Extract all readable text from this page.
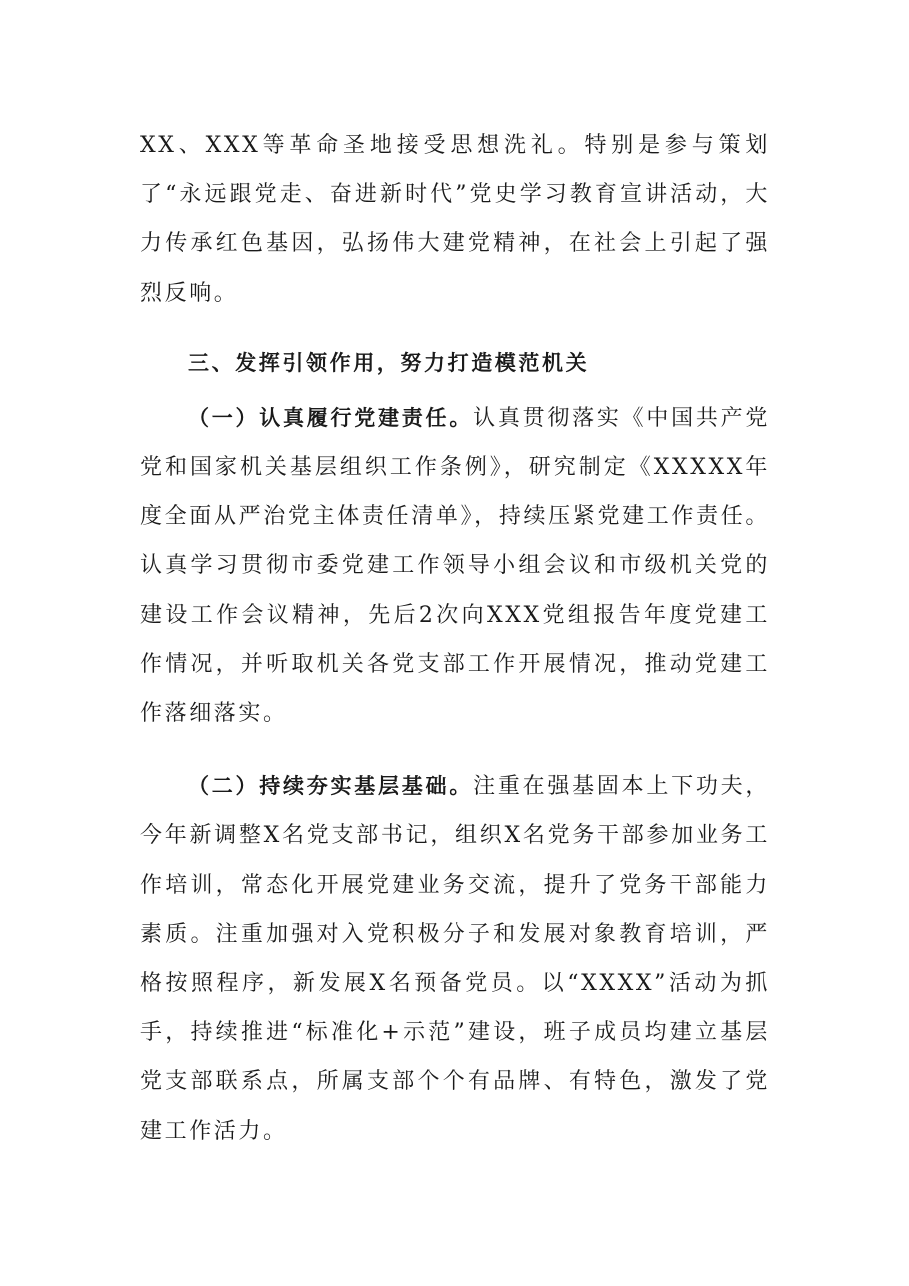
XX、XXX等革命圣地接受思想洗礼。特别是参与策划了“永远跟党走、奋进新时代”党史学习教育宣讲活动，大力传承红色基因，弘扬伟大建党精神，在社会上引起了强烈反响。

三、发挥引领作用，努力打造模范机关

（一）认真履行党建责任。认真贯彻落实《中国共产党党和国家机关基层组织工作条例》，研究制定《XXXXX年度全面从严治党主体责任清单》，持续压紧党建工作责任。认真学习贯彻市委党建工作领导小组会议和市级机关党的建设工作会议精神，先后2次向XXX党组报告年度党建工作情况，并听取机关各党支部工作开展情况，推动党建工作落细落实。

（二）持续夯实基层基础。注重在强基固本上下功夫，今年新调整X名党支部书记，组织X名党务干部参加业务工作培训，常态化开展党建业务交流，提升了党务干部能力素质。注重加强对入党积极分子和发展对象教育培训，严格按照程序，新发展X名预备党员。以“XXXX”活动为抓手，持续推进“标准化+示范”建设，班子成员均建立基层党支部联系点，所属支部个个有品牌、有特色，激发了党建工作活力。
